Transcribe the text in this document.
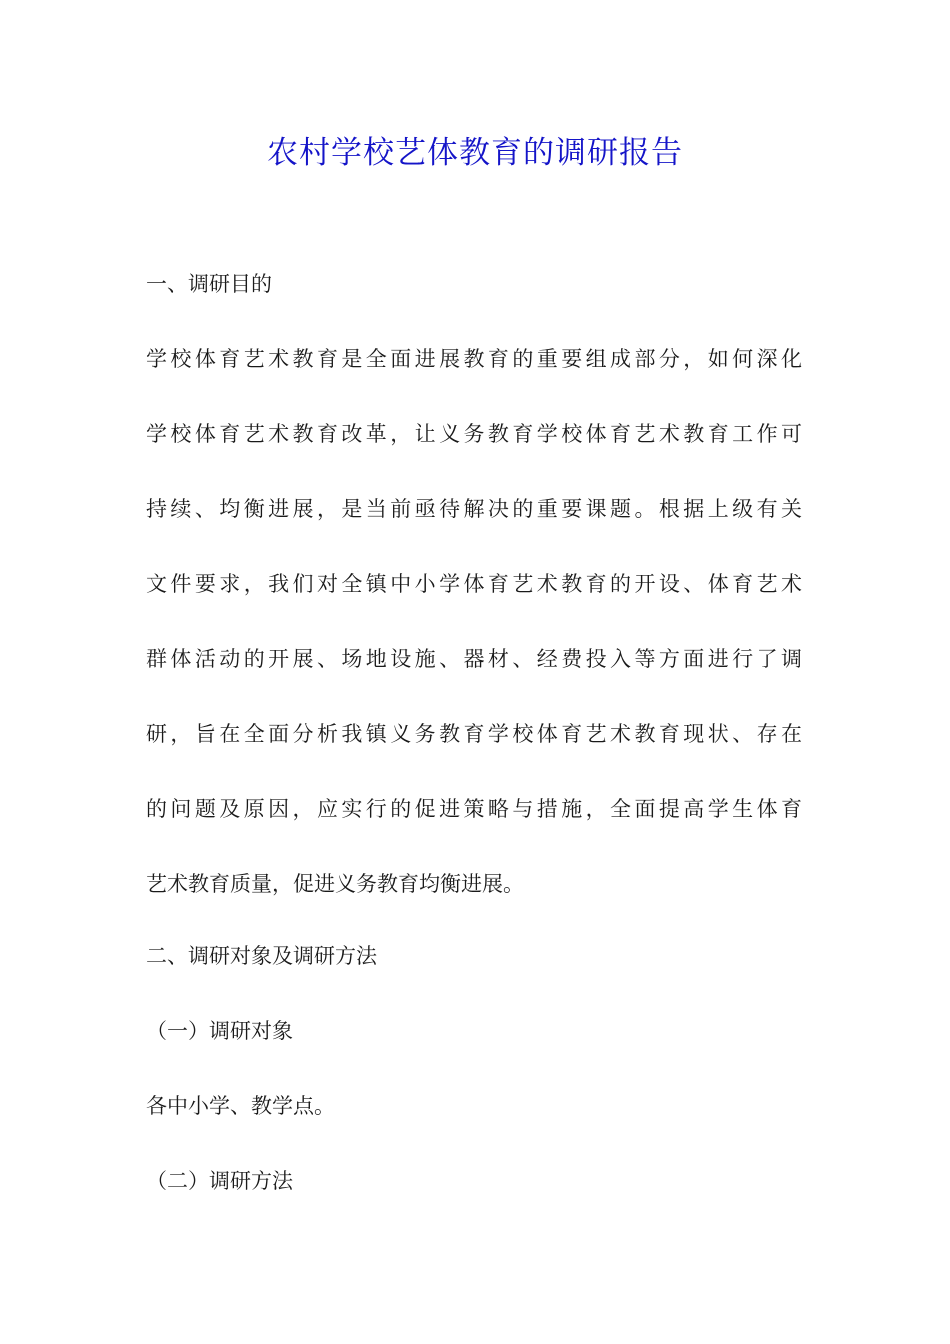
农村学校艺体教育的调研报告
一、调研目的
学校体育艺术教育是全面进展教育的重要组成部分，如何深化
学校体育艺术教育改革，让义务教育学校体育艺术教育工作可
持续、均衡进展，是当前亟待解决的重要课题。根据上级有关
文件要求，我们对全镇中小学体育艺术教育的开设、体育艺术
群体活动的开展、场地设施、器材、经费投入等方面进行了调
研，旨在全面分析我镇义务教育学校体育艺术教育现状、存在
的问题及原因，应实行的促进策略与措施，全面提高学生体育
艺术教育质量，促进义务教育均衡进展。
二、调研对象及调研方法
（一）调研对象
各中小学、教学点。
（二）调研方法
